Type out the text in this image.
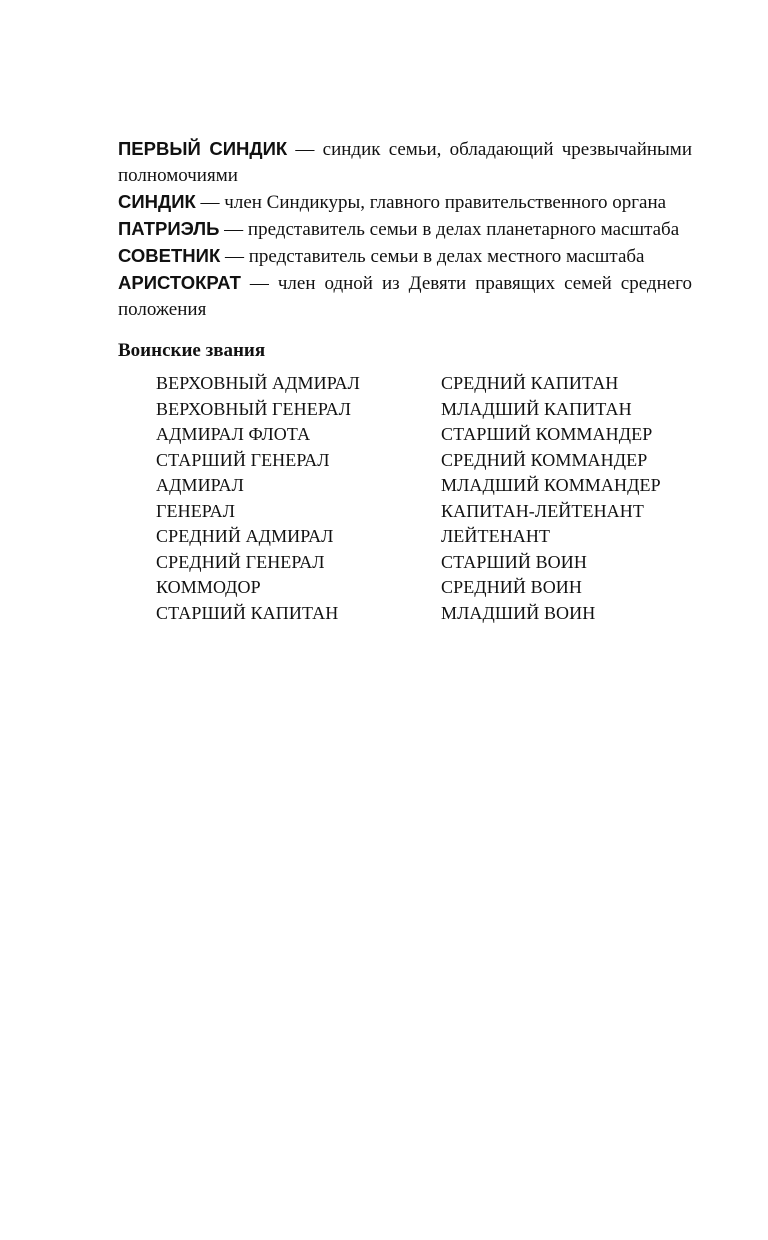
ПЕРВЫЙ СИНДИК — синдик семьи, обладающий чрезвычайными полномочиями

СИНДИК — член Синдикуры, главного правительственного органа

ПАТРИЭЛЬ — представитель семьи в делах планетарного масштаба

СОВЕТНИК — представитель семьи в делах местного масштаба

АРИСТОКРАТ — член одной из Девяти правящих семей среднего положения

Воинские звания
ВЕРХОВНЫЙ АДМИРАЛ
ВЕРХОВНЫЙ ГЕНЕРАЛ
АДМИРАЛ ФЛОТА
СТАРШИЙ ГЕНЕРАЛ
АДМИРАЛ
ГЕНЕРАЛ
СРЕДНИЙ АДМИРАЛ
СРЕДНИЙ ГЕНЕРАЛ
КОММОДОР
СТАРШИЙ КАПИТАН
СРЕДНИЙ КАПИТАН
МЛАДШИЙ КАПИТАН
СТАРШИЙ КОММАНДЕР
СРЕДНИЙ КОММАНДЕР
МЛАДШИЙ КОММАНДЕР
КАПИТАН-ЛЕЙТЕНАНТ
ЛЕЙТЕНАНТ
СТАРШИЙ ВОИН
СРЕДНИЙ ВОИН
МЛАДШИЙ ВОИН
